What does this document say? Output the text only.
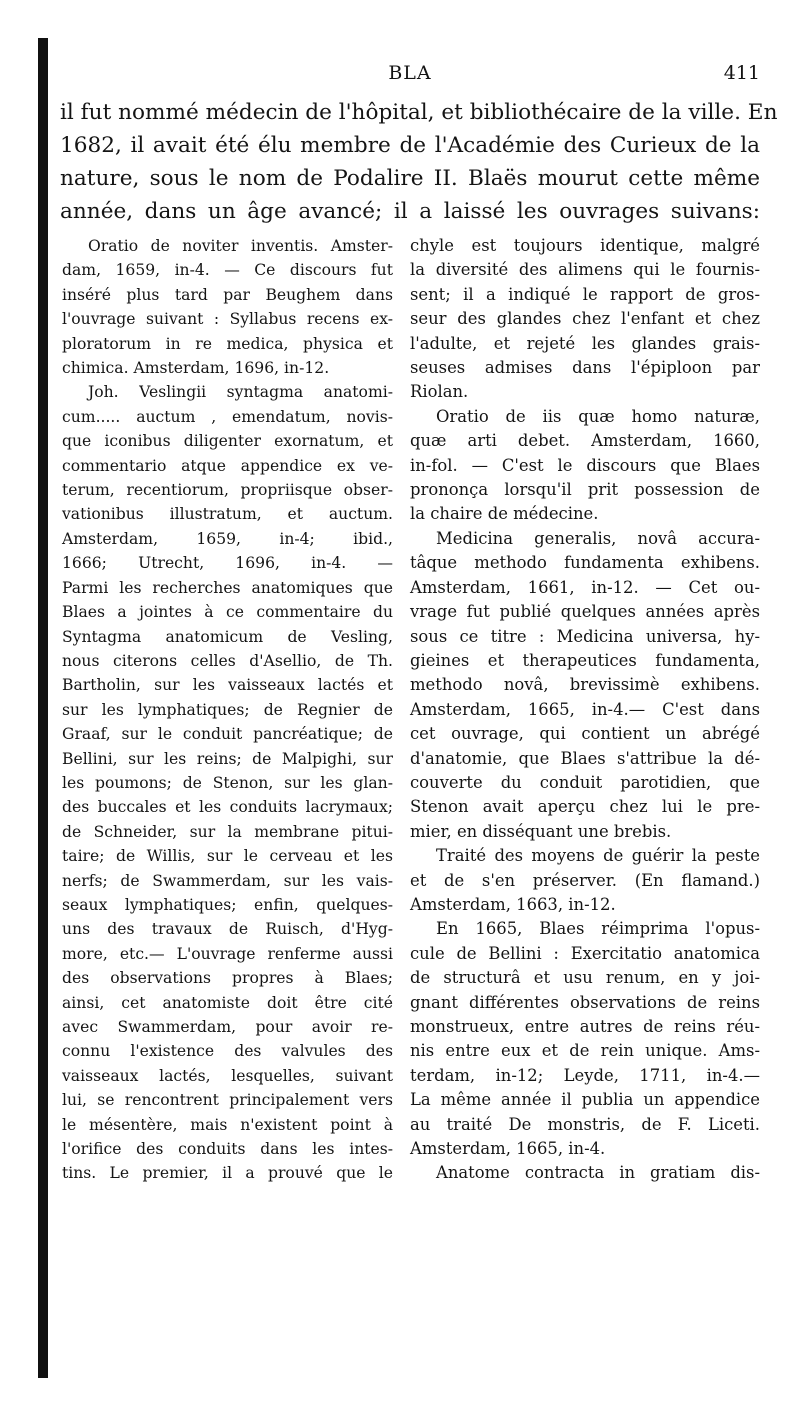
BLA	411
il fut nommé médecin de l'hôpital, et bibliothécaire de la ville. En
1682, il avait été élu membre de l'Académie des Curieux de la
nature, sous le nom de Podalire II. Blaës mourut cette même
année, dans un âge avancé; il a laissé les ouvrages suivans:
Oratio de noviter inventis. Amster-
dam, 1659, in-4. — Ce discours fut
inséré plus tard par Beughem dans
l'ouvrage suivant : Syllabus recens ex-
ploratorum in re medica, physica et
chimica. Amsterdam, 1696, in-12.
Joh. Veslingii syntagma anatomi-
cum..... auctum , emendatum, novis-
que iconibus diligenter exornatum, et
commentario atque appendice ex ve-
terum, recentiorum, propriisque obser-
vationibus illustratum, et auctum.
Amsterdam, 1659, in-4; ibid.,
1666; Utrecht, 1696, in-4. —
Parmi les recherches anatomiques que
Blaes a jointes à ce commentaire du
Syntagma anatomicum de Vesling,
nous citerons celles d'Asellio, de Th.
Bartholin, sur les vaisseaux lactés et
sur les lymphatiques; de Regnier de
Graaf, sur le conduit pancréatique; de
Bellini, sur les reins; de Malpighi, sur
les poumons; de Stenon, sur les glan-
des buccales et les conduits lacrymaux;
de Schneider, sur la membrane pitui-
taire; de Willis, sur le cerveau et les
nerfs; de Swammerdam, sur les vais-
seaux lymphatiques; enfin, quelques-
uns des travaux de Ruisch, d'Hyg-
more, etc.— L'ouvrage renferme aussi
des observations propres à Blaes;
ainsi, cet anatomiste doit être cité
avec Swammerdam, pour avoir re-
connu l'existence des valvules des
vaisseaux lactés, lesquelles, suivant
lui, se rencontrent principalement vers
le mésentère, mais n'existent point à
l'orifice des conduits dans les intes-
tins. Le premier, il a prouvé que le
chyle est toujours identique, malgré
la diversité des alimens qui le fournis-
sent; il a indiqué le rapport de gros-
seur des glandes chez l'enfant et chez
l'adulte, et rejeté les glandes grais-
seuses admises dans l'épiploon par
Riolan.
Oratio de iis quæ homo naturæ,
quæ arti debet. Amsterdam, 1660,
in-fol. — C'est le discours que Blaes
prononça lorsqu'il prit possession de
la chaire de médecine.
Medicina generalis, novâ accura-
tâque methodo fundamenta exhibens.
Amsterdam, 1661, in-12. — Cet ou-
vrage fut publié quelques années après
sous ce titre : Medicina universa, hy-
gieines et therapeutices fundamenta,
methodo novâ, brevissimè exhibens.
Amsterdam, 1665, in-4.— C'est dans
cet ouvrage, qui contient un abrégé
d'anatomie, que Blaes s'attribue la dé-
couverte du conduit parotidien, que
Stenon avait aperçu chez lui le pre-
mier, en disséquant une brebis.
Traité des moyens de guérir la peste
et de s'en préserver. (En flamand.)
Amsterdam, 1663, in-12.
En 1665, Blaes réimprima l'opus-
cule de Bellini : Exercitatio anatomica
de structurâ et usu renum, en y joi-
gnant différentes observations de reins
monstrueux, entre autres de reins réu-
nis entre eux et de rein unique. Ams-
terdam, in-12; Leyde, 1711, in-4.—
La même année il publia un appendice
au traité De monstris, de F. Liceti.
Amsterdam, 1665, in-4.
Anatome contracta in gratiam dis-
